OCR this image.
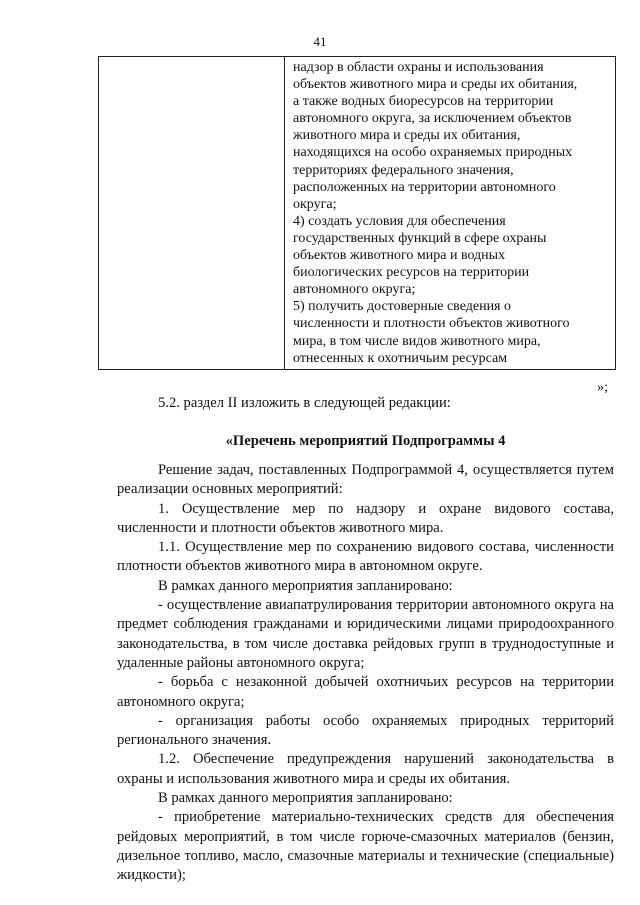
41

надзор в области охраны и использования
объектов животного мира и среды их обитания,
а также водных биоресурсов на территории
автономного округа, за исключением объектов
животного мира и среды их обитания,
находящихся на особо охраняемых природных
территориях федерального значения,
расположенных на территории автономного
округа;
4) создать условия для обеспечения
государственных функций в сфере охраны
объектов животного мира и водных
биологических ресурсов на территории
автономного округа;
5) получить достоверные сведения о
численности и плотности объектов животного
мира, в том числе видов животного мира,
отнесенных к охотничьим ресурсам
»;
5.2. раздел II изложить в следующей редакции:
«Перечень мероприятий Подпрограммы 4
Решение задач, поставленных Подпрограммой 4, осуществляется путем
реализации основных мероприятий:
1. Осуществление мер по надзору и охране видового состава,
численности и плотности объектов животного мира.
1.1. Осуществление мер по сохранению видового состава, численности
плотности объектов животного мира в автономном округе.
В рамках данного мероприятия запланировано:
- осуществление авиапатрулирования территории автономного округа на
предмет соблюдения гражданами и юридическими лицами природоохранного
законодательства, в том числе доставка рейдовых групп в труднодоступные и
удаленные районы автономного округа;
- борьба с незаконной добычей охотничьих ресурсов на территории
автономного округа;
- организация работы особо охраняемых природных территорий
регионального значения.
1.2. Обеспечение предупреждения нарушений законодательства в
охраны и использования животного мира и среды их обитания.
В рамках данного мероприятия запланировано:
- приобретение материально-технических средств для обеспечения
рейдовых мероприятий, в том числе горюче-смазочных материалов (бензин,
дизельное топливо, масло, смазочные материалы и технические (специальные)
жидкости);
